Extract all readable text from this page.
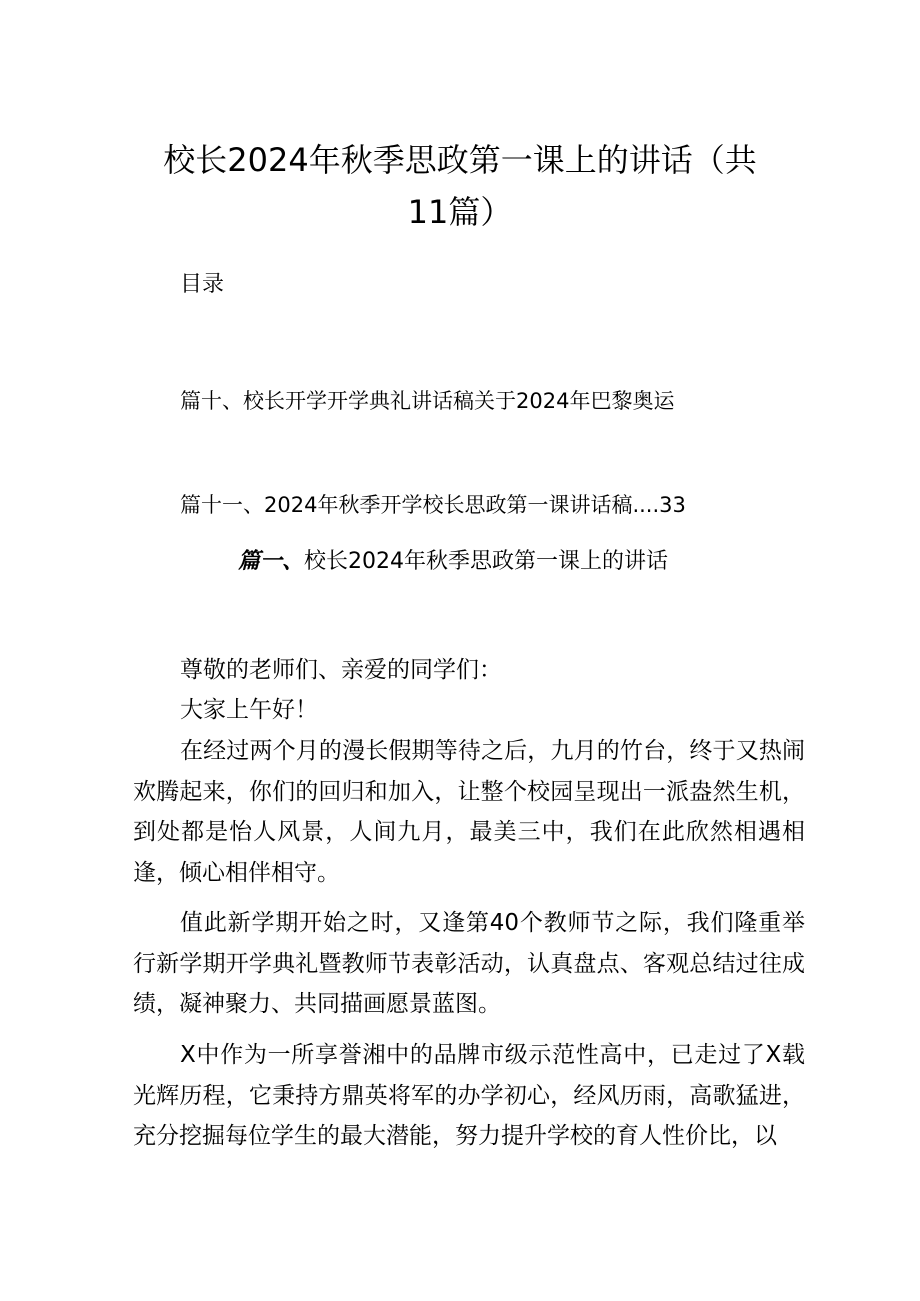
校长2024年秋季思政第一课上的讲话（共
11篇）
目录
篇十、校长开学开学典礼讲话稿关于2024年巴黎奥运
篇十一、2024年秋季开学校长思政第一课讲话稿....33
篇一、校长2024年秋季思政第一课上的讲话
尊敬的老师们、亲爱的同学们：
大家上午好！
在经过两个月的漫长假期等待之后，九月的竹台，终于又热闹欢腾起来，你们的回归和加入，让整个校园呈现出一派盎然生机，到处都是怡人风景，人间九月，最美三中，我们在此欣然相遇相逢，倾心相伴相守。
值此新学期开始之时，又逢第40个教师节之际，我们隆重举行新学期开学典礼暨教师节表彰活动，认真盘点、客观总结过往成绩，凝神聚力、共同描画愿景蓝图。
X中作为一所享誉湘中的品牌市级示范性高中，已走过了X载光辉历程，它秉持方鼎英将军的办学初心，经风历雨，高歌猛进，充分挖掘每位学生的最大潜能，努力提升学校的育人性价比，以
